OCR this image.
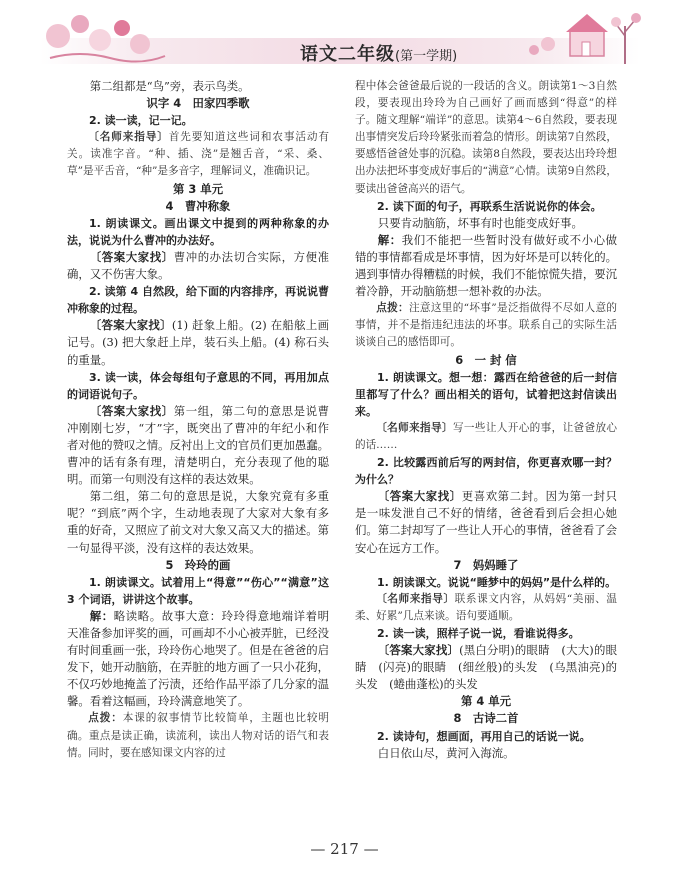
语文二年级(第一学期)

第二组都是“鸟”旁，表示鸟类。

识字 4　田家四季歌

2. 读一读，记一记。

〔名师来指导〕首先要知道这些词和农事活动有关。读准字音。“种、插、浇”是翘舌音，“采、桑、草”是平舌音，“种”是多音字，理解词义，准确识记。

第 3 单元

4　曹冲称象

1. 朗读课文。画出课文中提到的两种称象的办法，说说为什么曹冲的办法好。

〔答案大家找〕曹冲的办法切合实际，方便准确，又不伤害大象。

2. 读第 4 自然段，给下面的内容排序，再说说曹冲称象的过程。

〔答案大家找〕(1) 赶象上船。(2) 在船舷上画记号。(3) 把大象赶上岸，装石头上船。(4) 称石头的重量。

3. 读一读，体会每组句子意思的不同，再用加点的词语说句子。

〔答案大家找〕第一组，第二句的意思是说曹冲刚刚七岁，“才”字，既突出了曹冲的年纪小和作者对他的赞叹之情。反衬出上文的官员们更加愚蠢。曹冲的话有条有理，清楚明白，充分表现了他的聪明。而第一句则没有这样的表达效果。

第二组，第二句的意思是说，大象究竟有多重呢？“到底”两个字，生动地表现了大家对大象有多重的好奇，又照应了前文对大象又高又大的描述。第一句显得平淡，没有这样的表达效果。

5　玲玲的画

1. 朗读课文。试着用上“得意”“伤心”“满意”这 3 个词语，讲讲这个故事。

解：略读略。故事大意：玲玲得意地端详着明天准备参加评奖的画，可画却不小心被弄脏，已经没有时间重画一张，玲玲伤心地哭了。但是在爸爸的启发下，她开动脑筋，在弄脏的地方画了一只小花狗，不仅巧妙地掩盖了污渍，还给作品平添了几分家的温馨。看着这幅画，玲玲满意地笑了。

点拨：本课的叙事情节比较简单，主题也比较明确。重点是读正确，读流利，读出人物对话的语气和表情。同时，要在感知课文内容的过

程中体会爸爸最后说的一段话的含义。朗读第1～3自然段，要表现出玲玲为自己画好了画而感到“得意”的样子。随文理解“端详”的意思。读第4～6自然段，要表现出事情突发后玲玲紧张而着急的情形。朗读第7自然段，要感悟爸爸处事的沉稳。读第8自然段，要表达出玲玲想出办法把坏事变成好事后的“满意”心情。读第9自然段，要读出爸爸高兴的语气。

2. 读下面的句子，再联系生活说说你的体会。

只要肯动脑筋，坏事有时也能变成好事。

解：我们不能把一些暂时没有做好或不小心做错的事情都看成是坏事情，因为好坏是可以转化的。遇到事情办得糟糕的时候，我们不能惊慌失措，要沉着冷静，开动脑筋想一想补救的办法。

点拨：注意这里的“坏事”是泛指做得不尽如人意的事情，并不是指违纪违法的坏事。联系自己的实际生活谈谈自己的感悟即可。

6　一 封 信

1. 朗读课文。想一想：露西在给爸爸的后一封信里都写了什么？画出相关的语句，试着把这封信读出来。

〔名师来指导〕写一些让人开心的事，让爸爸放心的话……

2. 比较露西前后写的两封信，你更喜欢哪一封？为什么？

〔答案大家找〕更喜欢第二封。因为第一封只是一味发泄自己不好的情绪，爸爸看到后会担心她们。第二封却写了一些让人开心的事情，爸爸看了会安心在远方工作。

7　妈妈睡了

1. 朗读课文。说说“睡梦中的妈妈”是什么样的。

〔名师来指导〕联系课文内容，从妈妈“美丽、温柔、好累”几点来谈。语句要通顺。

2. 读一读，照样子说一说，看谁说得多。

〔答案大家找〕(黑白分明)的眼睛　(大大)的眼睛　(闪亮)的眼睛　(细丝般)的头发　(乌黑油亮)的头发　(蜷曲蓬松)的头发

第 4 单元

8　古诗二首

2. 读诗句，想画面，再用自己的话说一说。

白日依山尽，黄河入海流。

— 217 —
